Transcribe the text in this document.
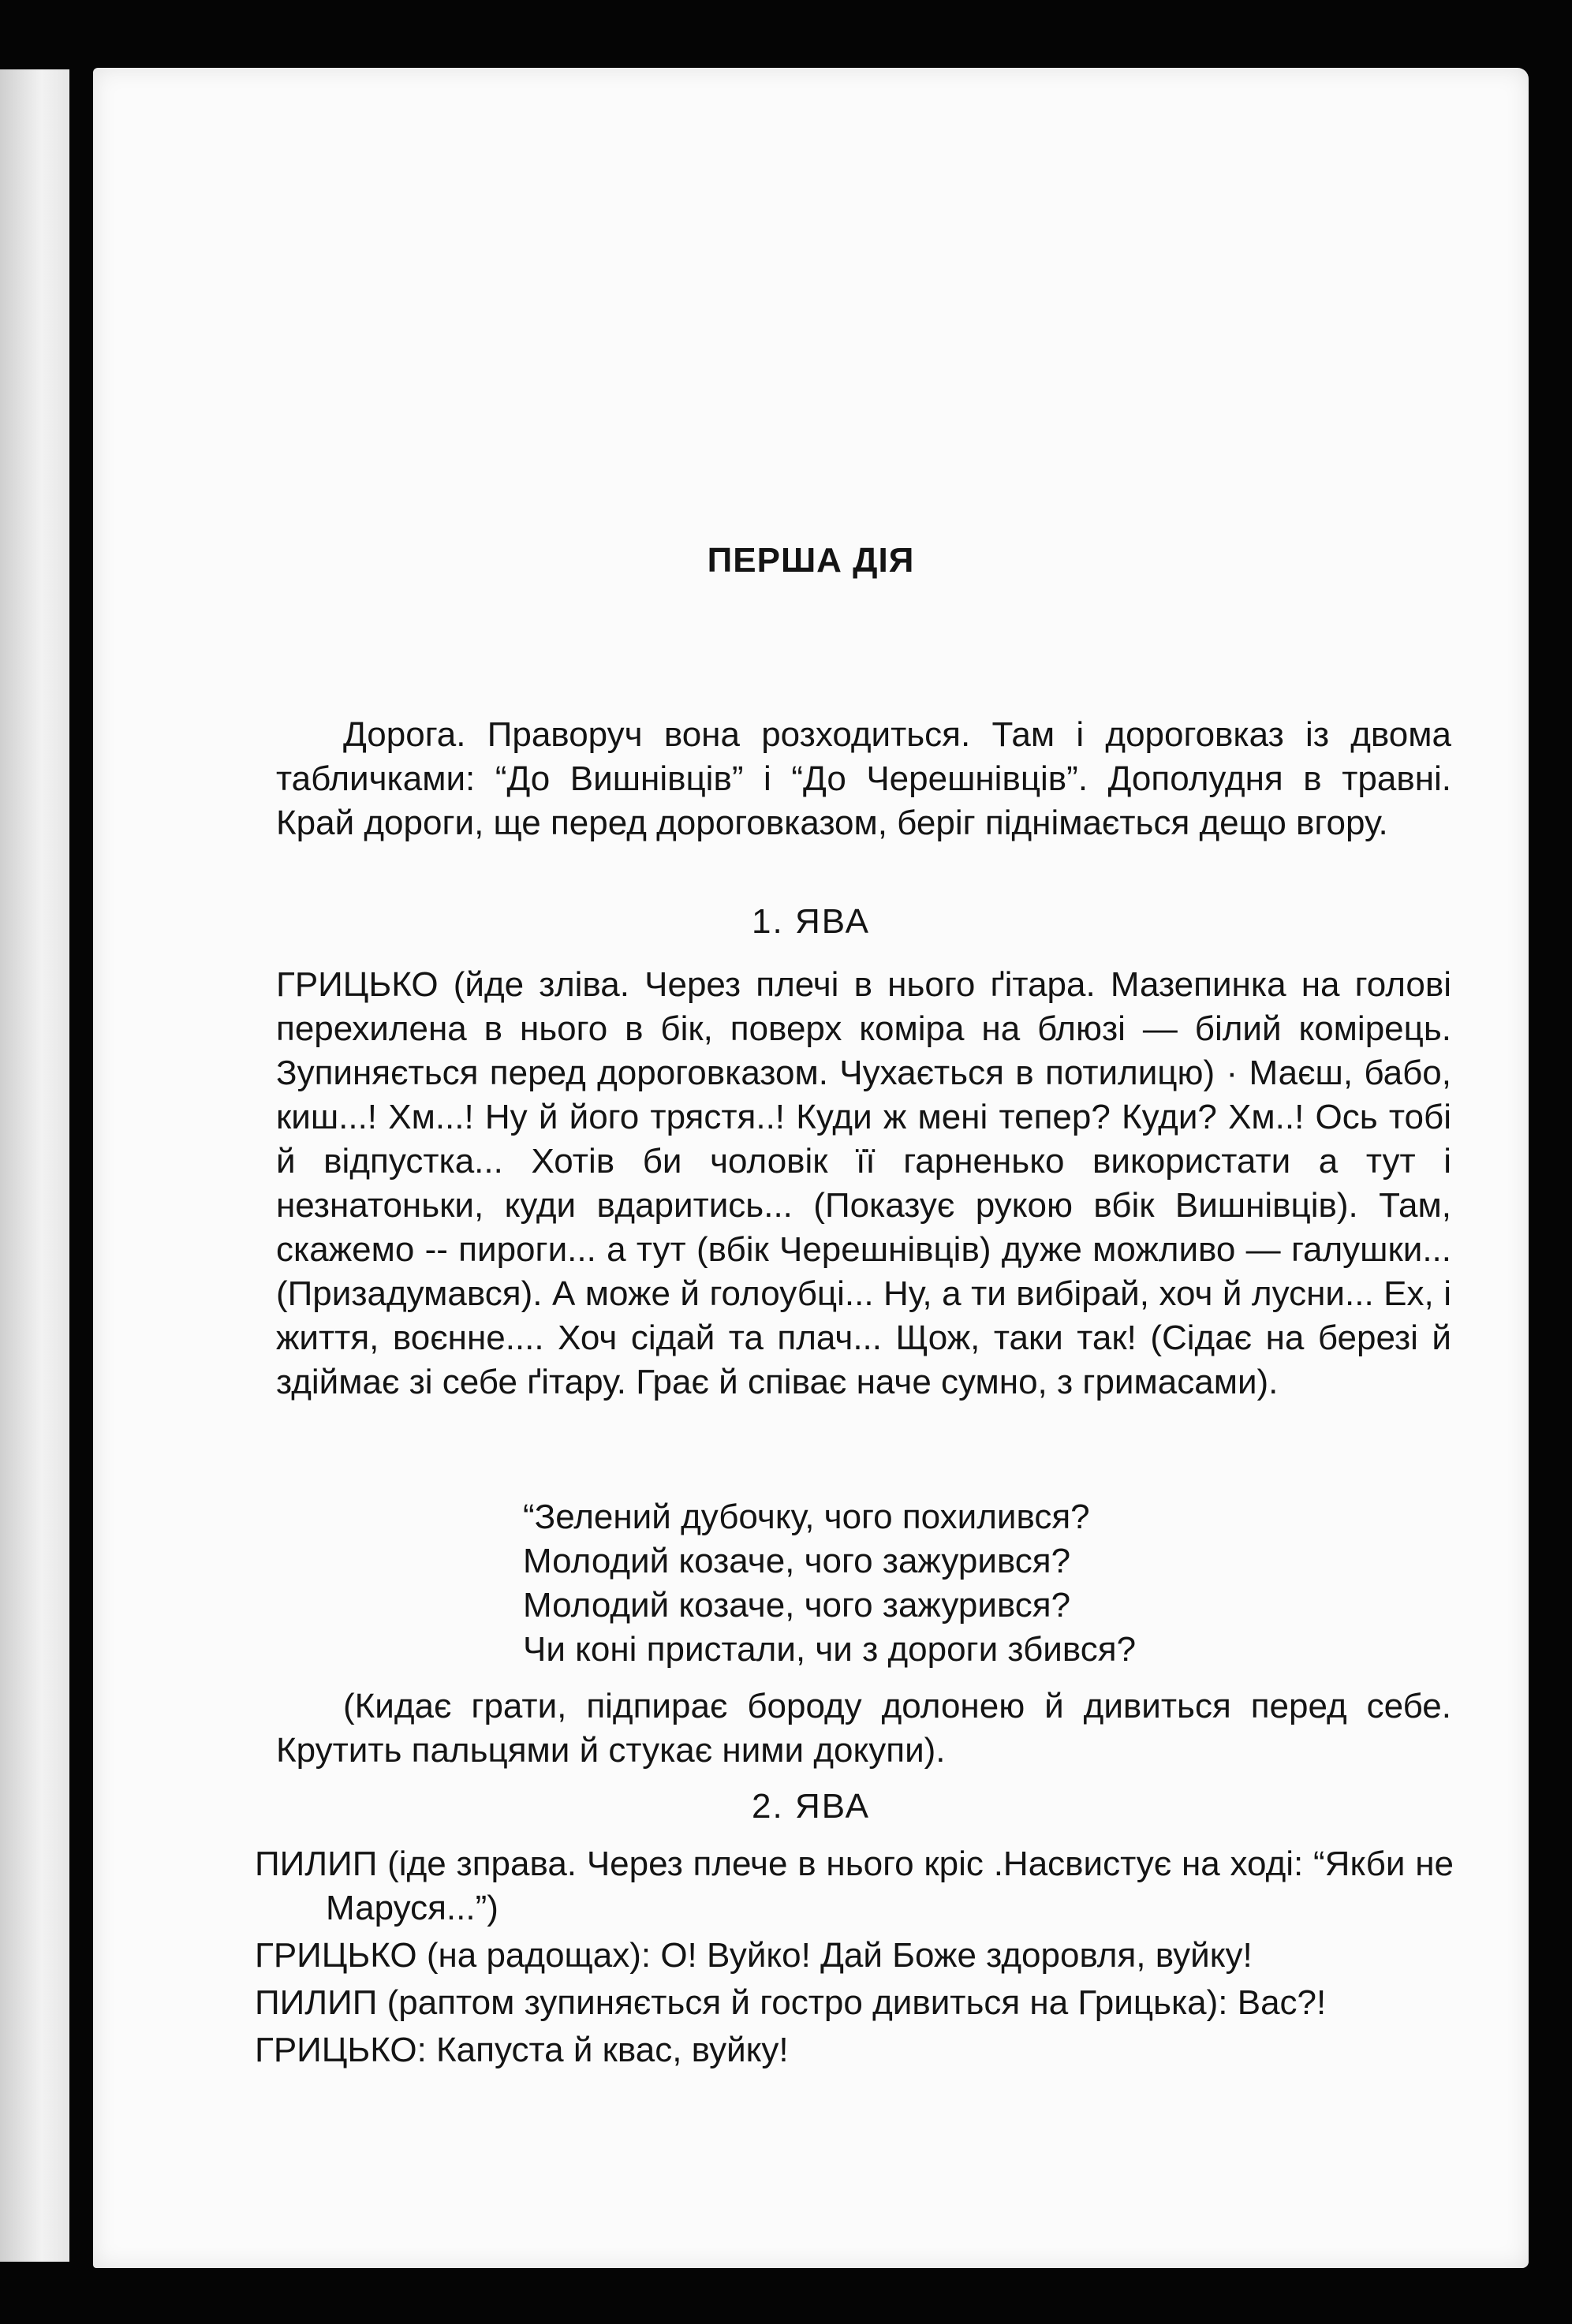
ПЕРША ДІЯ
Дорога. Праворуч вона розходиться. Там і дороговказ із двома табличками: “До Вишнівців” і “До Черешнівців”. Дополудня в травні. Край дороги, ще перед дороговказом, беріг піднімається дещо вгору.
1. ЯВА
ГРИЦЬКО (йде зліва. Через плечі в нього ґітара. Мазепинка на голові перехилена в нього в бік, поверх коміра на блюзі — білий комірець. Зупиняється перед дороговказом. Чухається в потилицю) · Маєш, бабо, киш...! Хм...! Ну й його трястя..! Куди ж мені тепер? Куди? Хм..! Ось тобі й відпустка... Хотів би чоловік її гарненько використати а тут і незнатоньки, куди вдаритись... (Показує рукою вбік Вишнівців). Там, скажемо -- пироги... а тут (вбік Черешнівців) дуже можливо — галушки... (Призадумався). А може й голоубці... Ну, а ти вибірай, хоч й лусни... Ех, і життя, воєнне.... Хоч сідай та плач... Щож, таки так! (Сідає на березі й здіймає зі себе ґітару. Грає й співає наче сумно, з гримасами).
“Зелений дубочку, чого похилився?
Молодий козаче, чого зажурився?
Молодий козаче, чого зажурився?
Чи коні пристали, чи з дороги збився?
(Кидає грати, підпирає бороду долонею й дивиться перед себе. Крутить пальцями й стукає ними докупи).
2. ЯВА
ПИЛИП (іде зправа. Через плече в нього кріс .Насвистує на ході: “Якби не Маруся...”)
ГРИЦЬКО (на радощах): О! Вуйко! Дай Боже здоровля, вуйку!
ПИЛИП (раптом зупиняється й гостро дивиться на Грицька): Вас?!
ГРИЦЬКО: Капуста й квас, вуйку!
